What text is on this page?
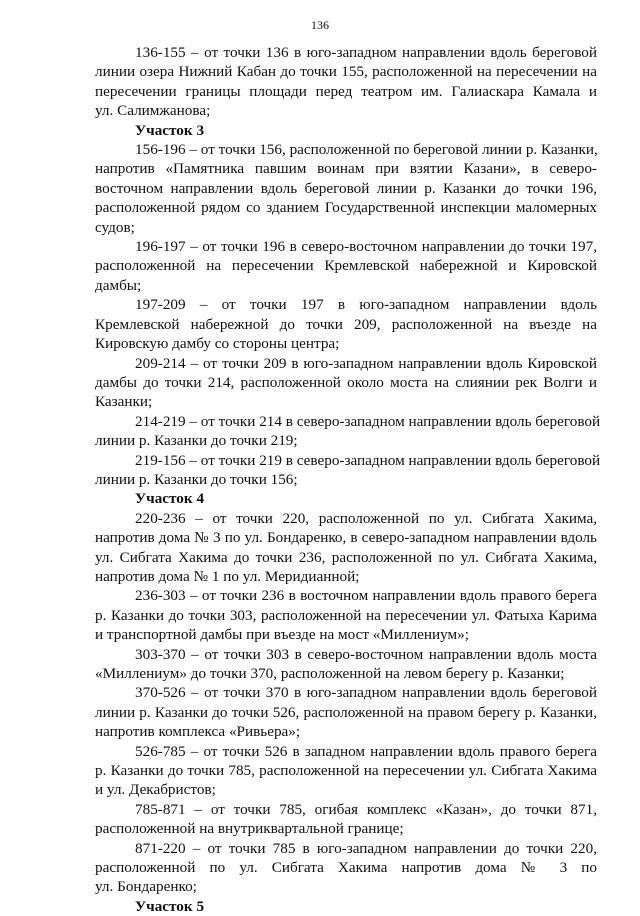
136
136-155 – от точки 136 в юго-западном направлении вдоль береговой
линии озера Нижний Кабан до точки 155, расположенной на пересечении на
пересечении границы площади перед театром им. Галиаскара Камала и
ул. Салимжанова;
Участок 3
156-196 – от точки 156, расположенной по береговой линии р. Казанки,
напротив «Памятника павшим воинам при взятии Казани», в северо-
восточном направлении вдоль береговой линии р. Казанки до точки 196,
расположенной рядом со зданием Государственной инспекции маломерных
судов;
196-197 – от точки 196 в северо-восточном направлении до точки 197,
расположенной на пересечении Кремлевской набережной и Кировской
дамбы;
197-209 – от точки 197 в юго-западном направлении вдоль
Кремлевской набережной до точки 209, расположенной на въезде на
Кировскую дамбу со стороны центра;
209-214 – от точки 209 в юго-западном направлении вдоль Кировской
дамбы до точки 214, расположенной около моста на слиянии рек Волги и
Казанки;
214-219 – от точки 214 в северо-западном направлении вдоль береговой
линии р. Казанки до точки 219;
219-156 – от точки 219 в северо-западном направлении вдоль береговой
линии р. Казанки до точки 156;
Участок 4
220-236 – от точки 220, расположенной по ул. Сибгата Хакима,
напротив дома № 3 по ул. Бондаренко, в северо-западном направлении вдоль
ул. Сибгата Хакима до точки 236, расположенной по ул. Сибгата Хакима,
напротив дома № 1 по ул. Меридианной;
236-303 – от точки 236 в восточном направлении вдоль правого берега
р. Казанки до точки 303, расположенной на пересечении ул. Фатыха Карима
и транспортной дамбы при въезде на мост «Миллениум»;
303-370 – от точки 303 в северо-восточном направлении вдоль моста
«Миллениум» до точки 370, расположенной на левом берегу р. Казанки;
370-526 – от точки 370 в юго-западном направлении вдоль береговой
линии р. Казанки до точки 526, расположенной на правом берегу р. Казанки,
напротив комплекса «Ривьера»;
526-785 – от точки 526 в западном направлении вдоль правого берега
р. Казанки до точки 785, расположенной на пересечении ул. Сибгата Хакима
и ул. Декабристов;
785-871 – от точки 785, огибая комплекс «Казан», до точки 871,
расположенной на внутриквартальной границе;
871-220 – от точки 785 в юго-западном направлении до точки 220,
расположенной по ул. Сибгата Хакима напротив дома № 3 по
ул. Бондаренко;
Участок 5
